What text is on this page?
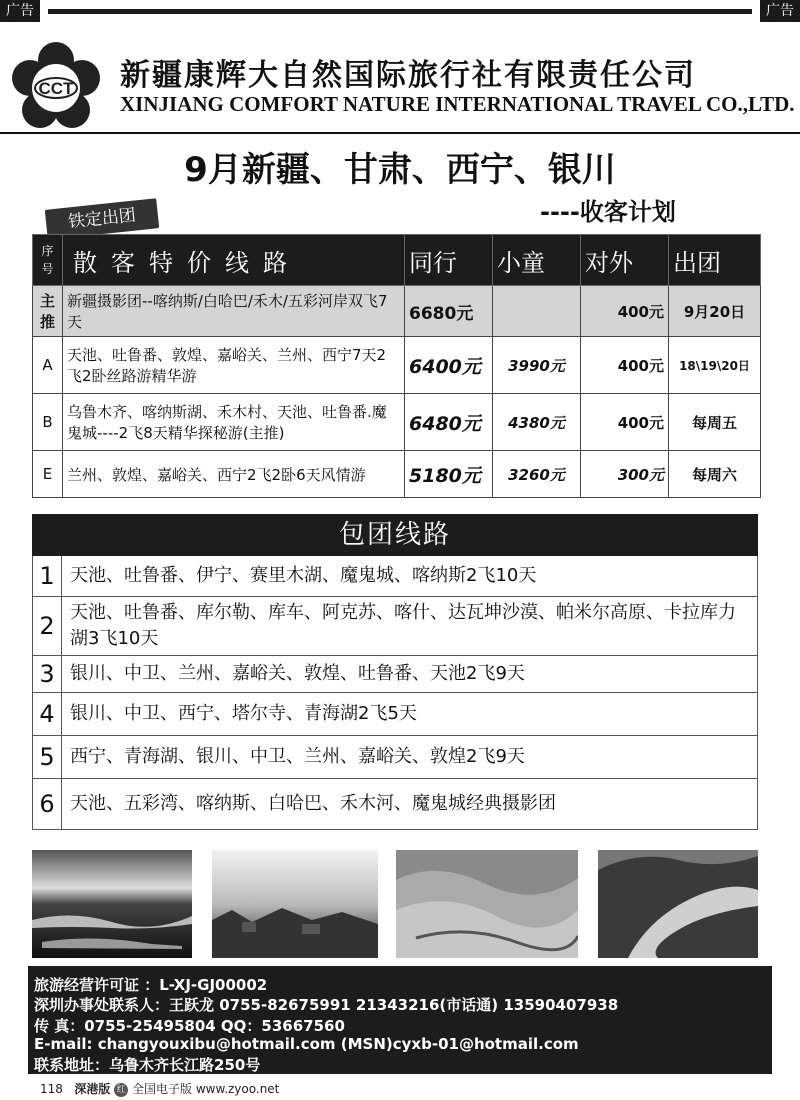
广告	广告
CCT 新疆康辉大自然国际旅行社有限责任公司
XINJIANG COMFORT NATURE INTERNATIONAL TRAVEL CO.,LTD.
9月新疆、甘肃、西宁、银川
----收客计划
铁定出团
序号	散客特价线路	同行	小童	对外	出团
主推	新疆摄影团--喀纳斯/白哈巴/禾木/五彩河岸双飞7天	6680元		400元	9月20日
A	天池、吐鲁番、敦煌、嘉峪关、兰州、西宁7天2飞2卧丝路游精华游	6400元	3990元	400元	18\19\20日
B	乌鲁木齐、喀纳斯湖、禾木村、天池、吐鲁番.魔鬼城----2飞8天精华探秘游(主推)	6480元	4380元	400元	每周五
E	兰州、敦煌、嘉峪关、西宁2飞2卧6天风情游	5180元	3260元	300元	每周六
包团线路
1 天池、吐鲁番、伊宁、赛里木湖、魔鬼城、喀纳斯2飞10天
2 天池、吐鲁番、库尔勒、库车、阿克苏、喀什、达瓦坤沙漠、帕米尔高原、卡拉库力湖3飞10天
3 银川、中卫、兰州、嘉峪关、敦煌、吐鲁番、天池2飞9天
4 银川、中卫、西宁、塔尔寺、青海湖2飞5天
5 西宁、青海湖、银川、中卫、兰州、嘉峪关、敦煌2飞9天
6 天池、五彩湾、喀纳斯、白哈巴、禾木河、魔鬼城经典摄影团
旅游经营许可证 ：L-XJ-GJ00002
深圳办事处联系人：王跃龙 0755-82675991 21343216(市话通) 13590407938
传 真：0755-25495804 QQ：53667560
E-mail: changyouxibu@hotmail.com (MSN)cyxb-01@hotmail.com
联系地址：乌鲁木齐长江路250号
118 深港版 红 全国电子版 www.zyoo.net
